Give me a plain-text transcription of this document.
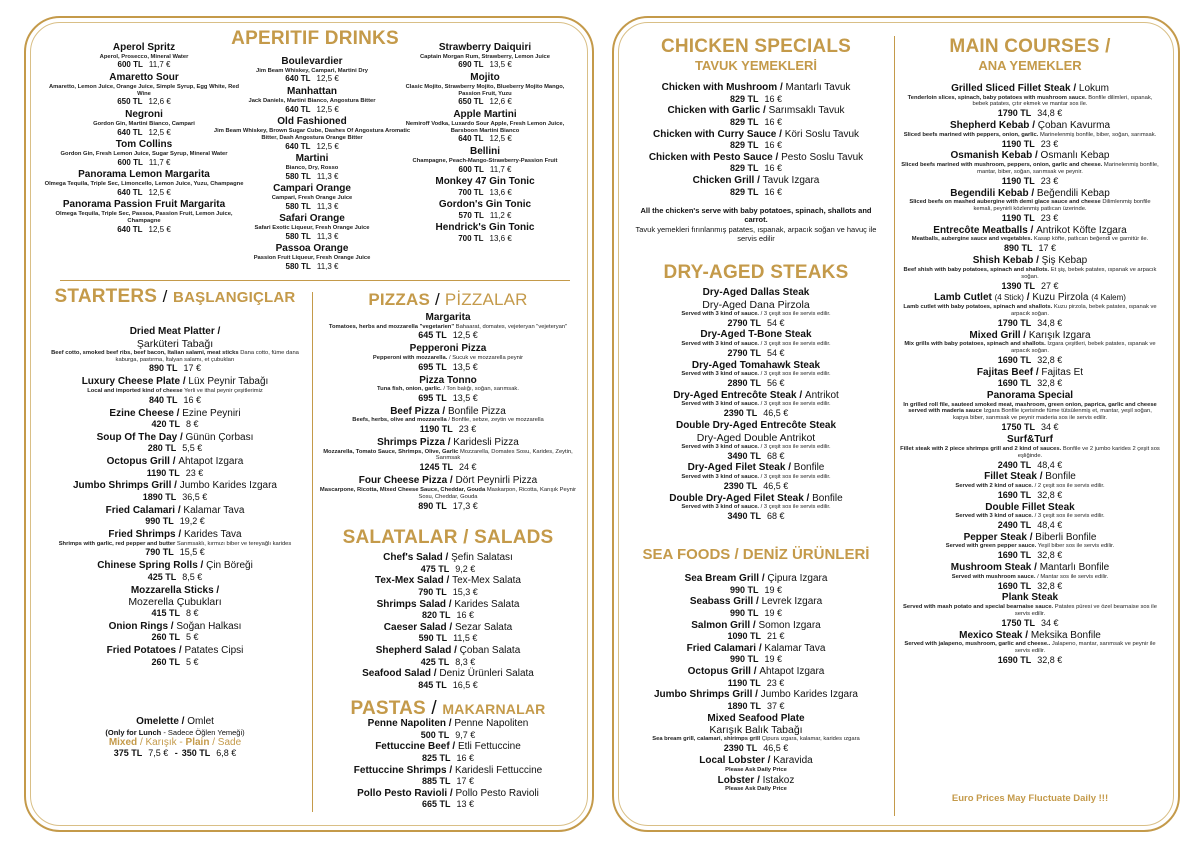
APERITIF DRINKS
Aperol Spritz
Aperol, Prosecco, Mineral Water
600 TL 11,7 €
Amaretto Sour
Amaretto, Lemon Juice, Orange Juice, Simple Syrup, Egg White, Red Wine
650 TL 12,6 €
Negroni
Gordon Gin, Martini Bianco, Campari
640 TL 12,5 €
Tom Collins
Gordon Gin, Fresh Lemon Juice, Sugar Syrup, Mineral Water
600 TL 11,7 €
Panorama Lemon Margarita
Olmega Tequila, Triple Sec, Limoncello, Lemon Juice, Yuzu, Champagne
640 TL 12,5 €
Panorama Passion Fruit Margarita
Olmega Tequila, Triple Sec, Passoa, Passion Fruit, Lemon Juice, Champagne
640 TL 12,5 €
Boulevardier
Jim Beam Whiskey, Campari, Martini Dry
640 TL 12,5 €
Manhattan
Jack Daniels, Martini Bianco, Angostura Bitter
640 TL 12,5 €
Old Fashioned
Jim Beam Whiskey, Brown Sugar Cube, Dashes Of Angostura Aromatic Bitter, Dash Angostura Orange Bitter
640 TL 12,5 €
Martini
Bianco, Dry, Rosso
580 TL 11,3 €
Campari Orange
Campari, Fresh Orange Juice
580 TL 11,3 €
Safari Orange
Safari Exotic Liqueur, Fresh Orange Juice
580 TL 11,3 €
Passoa Orange
Passion Fruit Liqueur, Fresh Orange Juice
580 TL 11,3 €
Strawberry Daiquiri
Captain Morgan Rum, Strawberry, Lemon Juice
690 TL 13,5 €
Mojito
Clasic Mojito, Strawberry Mojito, Blueberry Mojito Mango, Passion Fruit, Yuzu
650 TL 12,6 €
Apple Martini
Nemiroff Vodka, Luxardo Sour Apple, Fresh Lemon Juice, Barsboon Martini Bianco
640 TL 12,5 €
Bellini
Champagne, Peach-Mango-Strawberry-Passion Fruit
600 TL 11,7 €
Monkey 47 Gin Tonic
700 TL 13,6 €
Gordon's Gin Tonic
570 TL 11,2 €
Hendrick's Gin Tonic
700 TL 13,6 €
STARTERS / BAŞLANGIÇLAR
Dried Meat Platter /
Şarküteri Tabağı
Beef cotto, smoked beef ribs, beef bacon, Italian salami, meat sticks Dana cotto, füme dana kaburga, pastırma, İtalyan salamı, et çubukları
890 TL 17 €
Luxury Cheese Plate / Lüx Peynir Tabağı
Local and imported kind of cheese Yerli ve ithal peynir çeşitlerimiz
840 TL 16 €
Ezine Cheese / Ezine Peyniri
420 TL 8 €
Soup Of The Day / Günün Çorbası
280 TL 5,5 €
Octopus Grill / Ahtapot Izgara
1190 TL 23 €
Jumbo Shrimps Grill / Jumbo Karides Izgara
1890 TL 36,5 €
Fried Calamari / Kalamar Tava
990 TL 19,2 €
Fried Shrimps / Karides Tava
Shrimps with garlic, red pepper and butter Sarımsaklı, kırmızı biber ve tereyağlı karides
790 TL 15,5 €
Chinese Spring Rolls / Çin Böreği
425 TL 8,5 €
Mozzarella Sticks /
Mozerella Çubukları
415 TL 8 €
Onion Rings / Soğan Halkası
260 TL 5 €
Fried Potatoes / Patates Cipsi
260 TL 5 €
Omelette / Omlet
(Only for Lunch - Sadece Öğlen Yemeği)
Mixed / Karışık - Plain / Sade
375 TL 7,5 € - 350 TL 6,8 €
PIZZAS / PİZZALAR
Margarita
Tomatoes, herbs and mozzarella "vegetarien" Bahaarat, domates, vejeteryan "vejeteryan"
645 TL 12,5 €
Pepperoni Pizza
Pepperoni with mozzarella. / Sucuk ve mozzarella peynir
695 TL 13,5 €
Pizza Tonno
Tuna fish, onion, garlic. / Ton balığı, soğan, sarımsak.
695 TL 13,5 €
Beef Pizza / Bonfile Pizza
Beefs, herbs, olive and mozzarella / Bonfile, sebze, zeytin ve mozzarella
1190 TL 23 €
Shrimps Pizza / Karidesli Pizza
Mozzarella, Tomato Sauce, Shrimps, Olive, Garlic Mozzarella, Domates Sosu, Karides, Zeytin, Sarımsak
1245 TL 24 €
Four Cheese Pizza / Dört Peynirli Pizza
Mascarpone, Ricotta, Mixed Cheese Sauce, Cheddar, Gouda Maskarpon, Ricotta, Karışık Peynir Sosu, Cheddar, Gouda
890 TL 17,3 €
SALATALAR / SALADS
Chef's Salad / Şefin Salatası
475 TL 9,2 €
Tex-Mex Salad / Tex-Mex Salata
790 TL 15,3 €
Shrimps Salad / Karides Salata
820 TL 16 €
Caeser Salad / Sezar Salata
590 TL 11,5 €
Shepherd Salad / Çoban Salata
425 TL 8,3 €
Seafood Salad / Deniz Ürünleri Salata
845 TL 16,5 €
PASTAS / MAKARNALAR
Penne Napoliten / Penne Napoliten
500 TL 9,7 €
Fettuccine Beef / Etli Fettuccine
825 TL 16 €
Fettuccine Shrimps / Karidesli Fettuccine
885 TL 17 €
Pollo Pesto Ravioli / Pollo Pesto Ravioli
665 TL 13 €
CHICKEN SPECIALS
TAVUK YEMEKLERİ
Chicken with Mushroom / Mantarlı Tavuk
829 TL 16 €
Chicken with Garlic / Sarımsaklı Tavuk
829 TL 16 €
Chicken with Curry Sauce / Köri Soslu Tavuk
829 TL 16 €
Chicken with Pesto Sauce / Pesto Soslu Tavuk
829 TL 16 €
Chicken Grill / Tavuk Izgara
829 TL 16 €
All the chicken's serve with baby potatoes, spinach, shallots and carrot.
Tavuk yemekleri fırınlanmış patates, ıspanak, arpacık soğan ve havuç ile servis edilir
DRY-AGED STEAKS
Dry-Aged Dallas Steak
Dry-Aged Dana Pirzola
Served with 3 kind of sauce. / 3 çeşit sos ile servis edilir.
2790 TL 54 €
Dry-Aged T-Bone Steak
Served with 3 kind of sauce. / 3 çeşit sos ile servis edilir.
2790 TL 54 €
Dry-Aged Tomahawk Steak
Served with 3 kind of sauce. / 3 çeşit sos ile servis edilir.
2890 TL 56 €
Dry-Aged Entrecôte Steak / Antrikot
Served with 3 kind of sauce. / 3 çeşit sos ile servis edilir.
2390 TL 46,5 €
Double Dry-Aged Entrecôte Steak
Dry-Aged Double Antrikot
Served with 3 kind of sauce. / 3 çeşit sos ile servis edilir.
3490 TL 68 €
Dry-Aged Filet Steak / Bonfile
Served with 3 kind of sauce. / 3 çeşit sos ile servis edilir.
2390 TL 46,5 €
Double Dry-Aged Filet Steak / Bonfile
Served with 3 kind of sauce. / 3 çeşit sos ile servis edilir.
3490 TL 68 €
SEA FOODS / DENİZ ÜRÜNLERİ
Sea Bream Grill / Çipura Izgara
990 TL 19 €
Seabass Grill / Levrek Izgara
990 TL 19 €
Salmon Grill / Somon Izgara
1090 TL 21 €
Fried Calamari / Kalamar Tava
990 TL 19 €
Octopus Grill / Ahtapot Izgara
1190 TL 23 €
Jumbo Shrimps Grill / Jumbo Karides Izgara
1890 TL 37 €
Mixed Seafood Plate
Karışık Balık Tabağı
Sea bream grill, calamari, shirimps grill Çipura ızgara, kalamar, karides ızgara
2390 TL 46,5 €
Local Lobster / Karavida
Please Ask Daily Price
Lobster / Istakoz
Please Ask Daily Price
MAIN COURSES /
ANA YEMEKLER
Grilled Sliced Fillet Steak / Lokum
Tenderloin slices, spinach, baby potatoes with mushroom sauce. Bonfile dilimleri, ıspanak, bebek patates, çıtır ekmek ve mantar sos ile.
1790 TL 34,8 €
Shepherd Kebab / Çoban Kavurma
Sliced beefs marined with peppers, onion, garlic. Marinelenmiş bonfile, biber, soğan, sarımsak.
1190 TL 23 €
Osmanish Kebab / Osmanlı Kebap
Sliced beefs marined with mushroom, peppers, onion, garlic and cheese. Marinelenmiş bonfile, mantar, biber, soğan, sarımsak ve peynir.
1190 TL 23 €
Begendili Kebab / Beğendili Kebap
Sliced beefs on mashed aubergine with demi glace sauce and cheese Dilimlenmiş bonfile kemali, peynirli közlenmiş patlıcan üzerinde.
1190 TL 23 €
Entrecôte Meatballs / Antrikot Köfte Izgara
Meatballs, aubergine sauce and vegetables. Kasap köfte, patlıcan beğendi ve garnitür ile.
890 TL 17 €
Shish Kebab / Şiş Kebap
Beef shish with baby potatoes, spinach and shallots. Et şiş, bebek patates, ıspanak ve arpacık soğan.
1390 TL 27 €
Lamb Cutlet (4 Stick) / Kuzu Pirzola (4 Kalem)
Lamb cutlet with baby potatoes, spinach and shallots. Kuzu pirzola, bebek patates, ıspanak ve arpacık soğan.
1790 TL 34,8 €
Mixed Grill / Karışık Izgara
Mix grills with baby potatoes, spinach and shallots. Izgara çeşitleri, bebek patates, ıspanak ve arpacık soğan.
1690 TL 32,8 €
Fajitas Beef / Fajitas Et
1690 TL 32,8 €
Panorama Special
In grilled roll file, sauteed smoked meat, mashroom, green onion, paprica, garlic and cheese served with maderia sauce Izgara Bonfile içerisinde füme tütsülenmiş et, mantar, yeşil soğan, kapya biber, sarımsak ve peynir maderia sos ile servis edilir.
1750 TL 34 €
Surf&Turf
Fillet steak with 2 piece shrimps grill and 2 kind of sauces. Bonfile ve 2 jumbo karides 2 çeşit sos eşliğinde.
2490 TL 48,4 €
Fillet Steak / Bonfile
Served with 2 kind of sauce. / 2 çeşit sos ile servis edilir.
1690 TL 32,8 €
Double Fillet Steak
Served with 3 kind of sauce. / 3 çeşit sos ile servis edilir.
2490 TL 48,4 €
Pepper Steak / Biberli Bonfile
Served with green pepper sauce. Yeşil biber sos ile servis edilir.
1690 TL 32,8 €
Mushroom Steak / Mantarlı Bonfile
Served with mushroom sauce. / Mantar sos ile servis edilir.
1690 TL 32,8 €
Plank Steak
Served with mash potato and special bearnaise sauce. Patates püresi ve özel bearnaise sos ile servis edilir.
1750 TL 34 €
Mexico Steak / Meksika Bonfile
Served with jalapeno, mushroom, garlic and cheese.. Jalapeno, mantar, sarımsak ve peynir ile servis edilir.
1690 TL 32,8 €
Euro Prices May Fluctuate Daily !!!
